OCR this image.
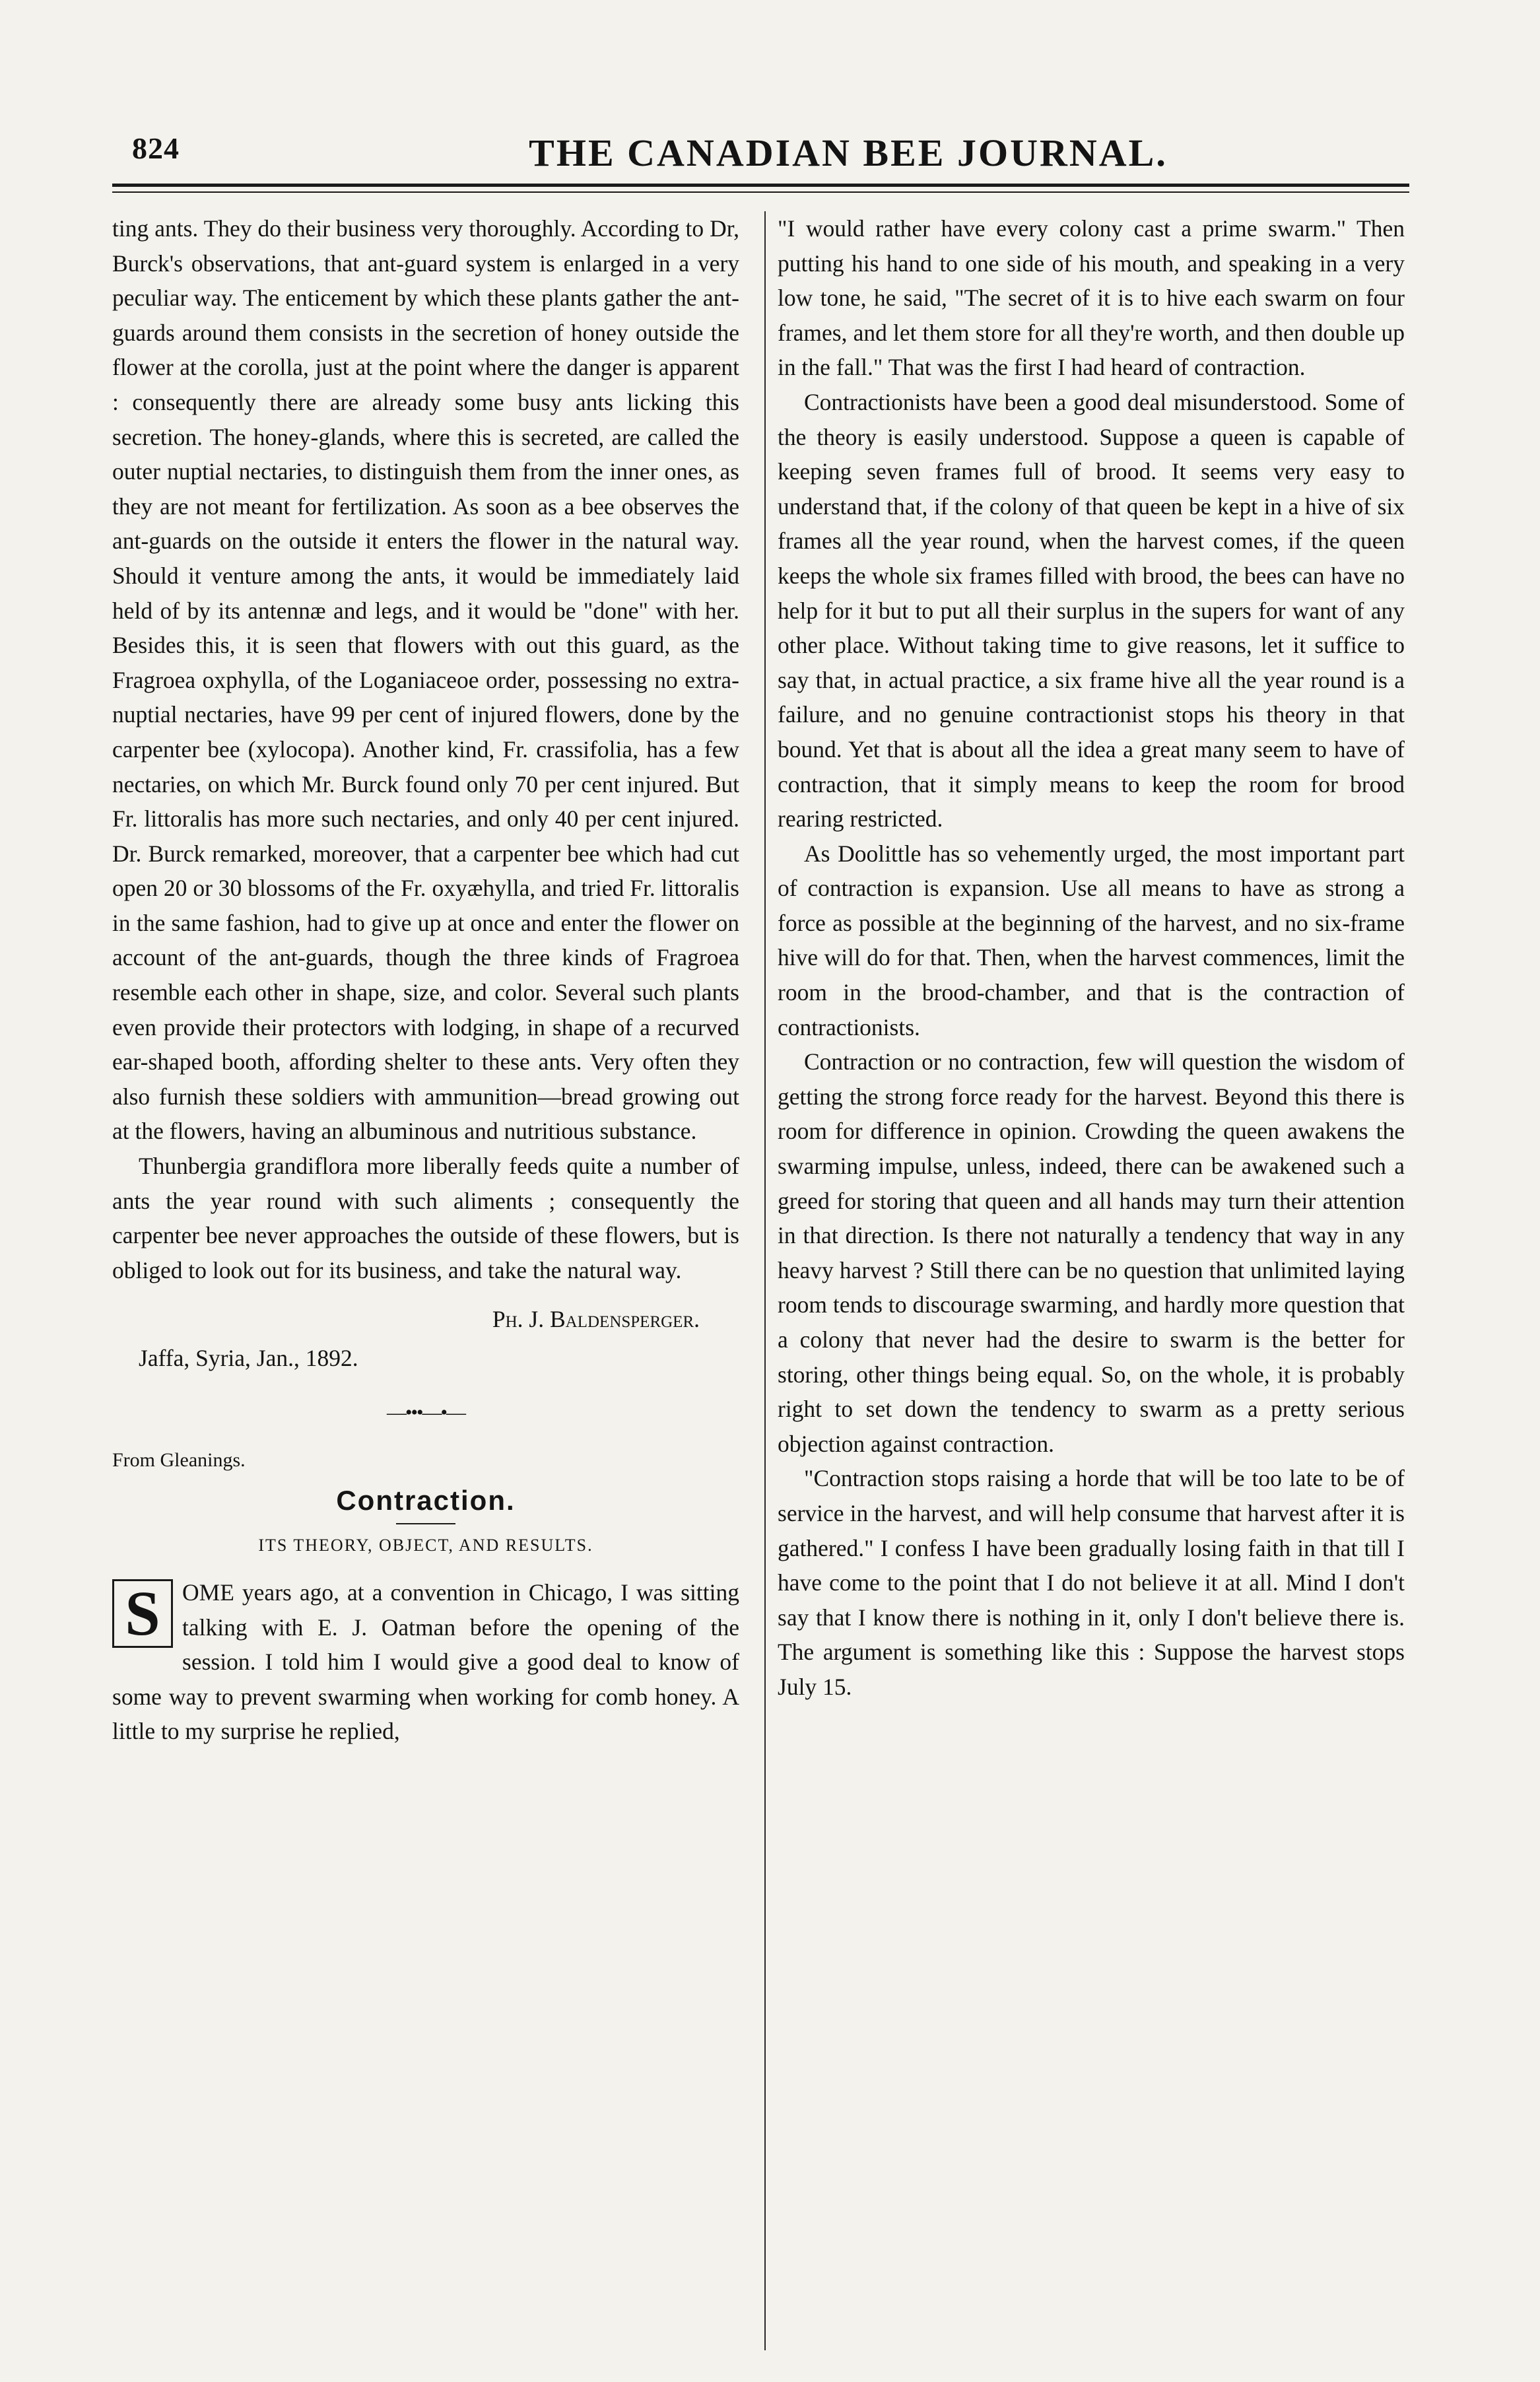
824	THE CANADIAN BEE JOURNAL.

ting ants. They do their business very thoroughly. According to Dr, Burck's observations, that ant-guard system is enlarged in a very peculiar way. The enticement by which these plants gather the ant-guards around them consists in the secretion of honey outside the flower at the corolla, just at the point where the danger is apparent : consequently there are already some busy ants licking this secretion. The honey-glands, where this is secreted, are called the outer nuptial nectaries, to distinguish them from the inner ones, as they are not meant for fertilization. As soon as a bee observes the ant-guards on the outside it enters the flower in the natural way. Should it venture among the ants, it would be immediately laid held of by its antennæ and legs, and it would be "done" with her. Besides this, it is seen that flowers with out this guard, as the Fragroea oxphylla, of the Loganiaceoe order, possessing no extra-nuptial nectaries, have 99 per cent of injured flowers, done by the carpenter bee (xylocopa). Another kind, Fr. crassifolia, has a few nectaries, on which Mr. Burck found only 70 per cent injured. But Fr. littoralis has more such nectaries, and only 40 per cent injured. Dr. Burck remarked, moreover, that a carpenter bee which had cut open 20 or 30 blossoms of the Fr. oxyæhylla, and tried Fr. littoralis in the same fashion, had to give up at once and enter the flower on account of the ant-guards, though the three kinds of Fragroea resemble each other in shape, size, and color. Several such plants even provide their protectors with lodging, in shape of a recurved ear-shaped booth, affording shelter to these ants. Very often they also furnish these soldiers with ammunition—bread growing out at the flowers, having an albuminous and nutritious substance.

Thunbergia grandiflora more liberally feeds quite a number of ants the year round with such aliments ; consequently the carpenter bee never approaches the outside of these flowers, but is obliged to look out for its business, and take the natural way.

Ph. J. Baldensperger.

Jaffa, Syria, Jan., 1892.

—•••—•—

From Gleanings.

Contraction.

ITS THEORY, OBJECT, AND RESULTS.

S OME years ago, at a convention in Chicago, I was sitting talking with E. J. Oatman before the opening of the session. I told him I would give a good deal to know of some way to prevent swarming when working for comb honey. A little to my surprise he replied,

"I would rather have every colony cast a prime swarm." Then putting his hand to one side of his mouth, and speaking in a very low tone, he said, "The secret of it is to hive each swarm on four frames, and let them store for all they're worth, and then double up in the fall." That was the first I had heard of contraction.

Contractionists have been a good deal misunderstood. Some of the theory is easily understood. Suppose a queen is capable of keeping seven frames full of brood. It seems very easy to understand that, if the colony of that queen be kept in a hive of six frames all the year round, when the harvest comes, if the queen keeps the whole six frames filled with brood, the bees can have no help for it but to put all their surplus in the supers for want of any other place. Without taking time to give reasons, let it suffice to say that, in actual practice, a six frame hive all the year round is a failure, and no genuine contractionist stops his theory in that bound. Yet that is about all the idea a great many seem to have of contraction, that it simply means to keep the room for brood rearing restricted.

As Doolittle has so vehemently urged, the most important part of contraction is expansion. Use all means to have as strong a force as possible at the beginning of the harvest, and no six-frame hive will do for that. Then, when the harvest commences, limit the room in the brood-chamber, and that is the contraction of contractionists.

Contraction or no contraction, few will question the wisdom of getting the strong force ready for the harvest. Beyond this there is room for difference in opinion. Crowding the queen awakens the swarming impulse, unless, indeed, there can be awakened such a greed for storing that queen and all hands may turn their attention in that direction. Is there not naturally a tendency that way in any heavy harvest ? Still there can be no question that unlimited laying room tends to discourage swarming, and hardly more question that a colony that never had the desire to swarm is the better for storing, other things being equal. So, on the whole, it is probably right to set down the tendency to swarm as a pretty serious objection against contraction.

"Contraction stops raising a horde that will be too late to be of service in the harvest, and will help consume that harvest after it is gathered." I confess I have been gradually losing faith in that till I have come to the point that I do not believe it at all. Mind I don't say that I know there is nothing in it, only I don't believe there is. The argument is something like this : Suppose the harvest stops July 15.
